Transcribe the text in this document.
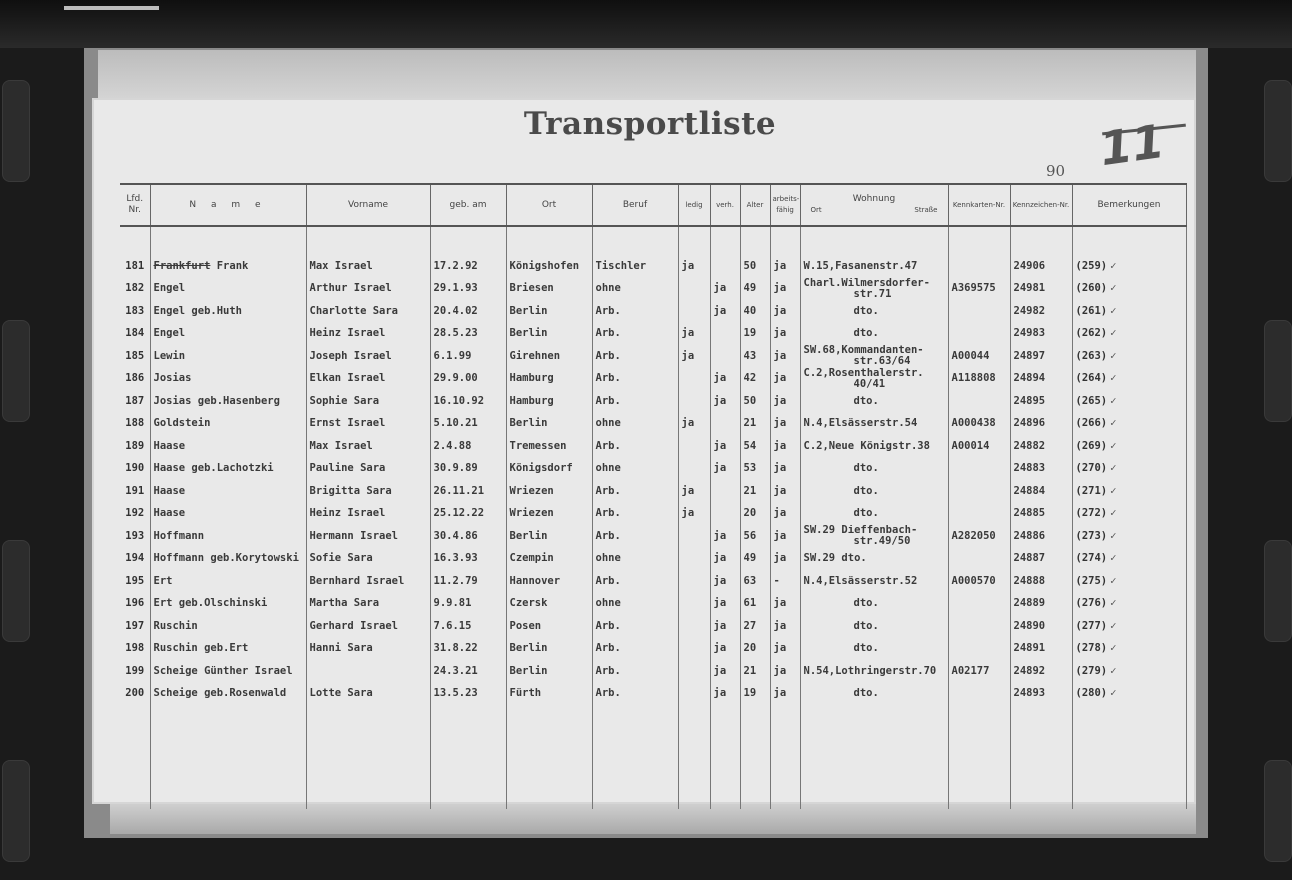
Transportliste	11
90
Lfd. Nr.	N a m e	Vorname	geb. am	Ort	Beruf	ledig	verh.	Alter	arbeits-fähig	Wohnung
Ort Straße	Kennkarten-Nr.	Kennzeichen-Nr.	Bemerkungen

181	Frankfurt Frank	Max Israel	17.2.92	Königshofen	Tischler	ja		50	ja	W.15,Fasanenstr.47		24906	(259) ✓
182	Engel	Arthur Israel	29.1.93	Briesen	ohne		ja	49	ja	Charl.Wilmersdorfer-
str.71	A369575	24981	(260) ✓
183	Engel geb.Huth	Charlotte Sara	20.4.02	Berlin	Arb.		ja	40	ja	dto.		24982	(261) ✓
184	Engel	Heinz Israel	28.5.23	Berlin	Arb.	ja		19	ja	dto.		24983	(262) ✓
185	Lewin	Joseph Israel	6.1.99	Girehnen	Arb.	ja		43	ja	SW.68,Kommandanten-
str.63/64	A00044	24897	(263) ✓
186	Josias	Elkan Israel	29.9.00	Hamburg	Arb.		ja	42	ja	C.2,Rosenthalerstr.
40/41	A118808	24894	(264) ✓
187	Josias geb.Hasenberg	Sophie Sara	16.10.92	Hamburg	Arb.		ja	50	ja	dto.		24895	(265) ✓
188	Goldstein	Ernst Israel	5.10.21	Berlin	ohne	ja		21	ja	N.4,Elsässerstr.54	A000438	24896	(266) ✓
189	Haase	Max Israel	2.4.88	Tremessen	Arb.		ja	54	ja	C.2,Neue Königstr.38	A00014	24882	(269) ✓
190	Haase geb.Lachotzki	Pauline Sara	30.9.89	Königsdorf	ohne		ja	53	ja	dto.		24883	(270) ✓
191	Haase	Brigitta Sara	26.11.21	Wriezen	Arb.	ja		21	ja	dto.		24884	(271) ✓
192	Haase	Heinz Israel	25.12.22	Wriezen	Arb.	ja		20	ja	dto.		24885	(272) ✓
193	Hoffmann	Hermann Israel	30.4.86	Berlin	Arb.		ja	56	ja	SW.29 Dieffenbach-
str.49/50	A282050	24886	(273) ✓
194	Hoffmann geb.Korytowski	Sofie Sara	16.3.93	Czempin	ohne		ja	49	ja	SW.29 dto.		24887	(274) ✓
195	Ert	Bernhard Israel	11.2.79	Hannover	Arb.		ja	63	-	N.4,Elsässerstr.52	A000570	24888	(275) ✓
196	Ert geb.Olschinski	Martha Sara	9.9.81	Czersk	ohne		ja	61	ja	dto.		24889	(276) ✓
197	Ruschin	Gerhard Israel	7.6.15	Posen	Arb.		ja	27	ja	dto.		24890	(277) ✓
198	Ruschin geb.Ert	Hanni Sara	31.8.22	Berlin	Arb.		ja	20	ja	dto.		24891	(278) ✓
199	Scheige Günther Israel		24.3.21	Berlin	Arb.		ja	21	ja	N.54,Lothringerstr.70	A02177	24892	(279) ✓
200	Scheige geb.Rosenwald	Lotte Sara	13.5.23	Fürth	Arb.		ja	19	ja	dto.		24893	(280) ✓
